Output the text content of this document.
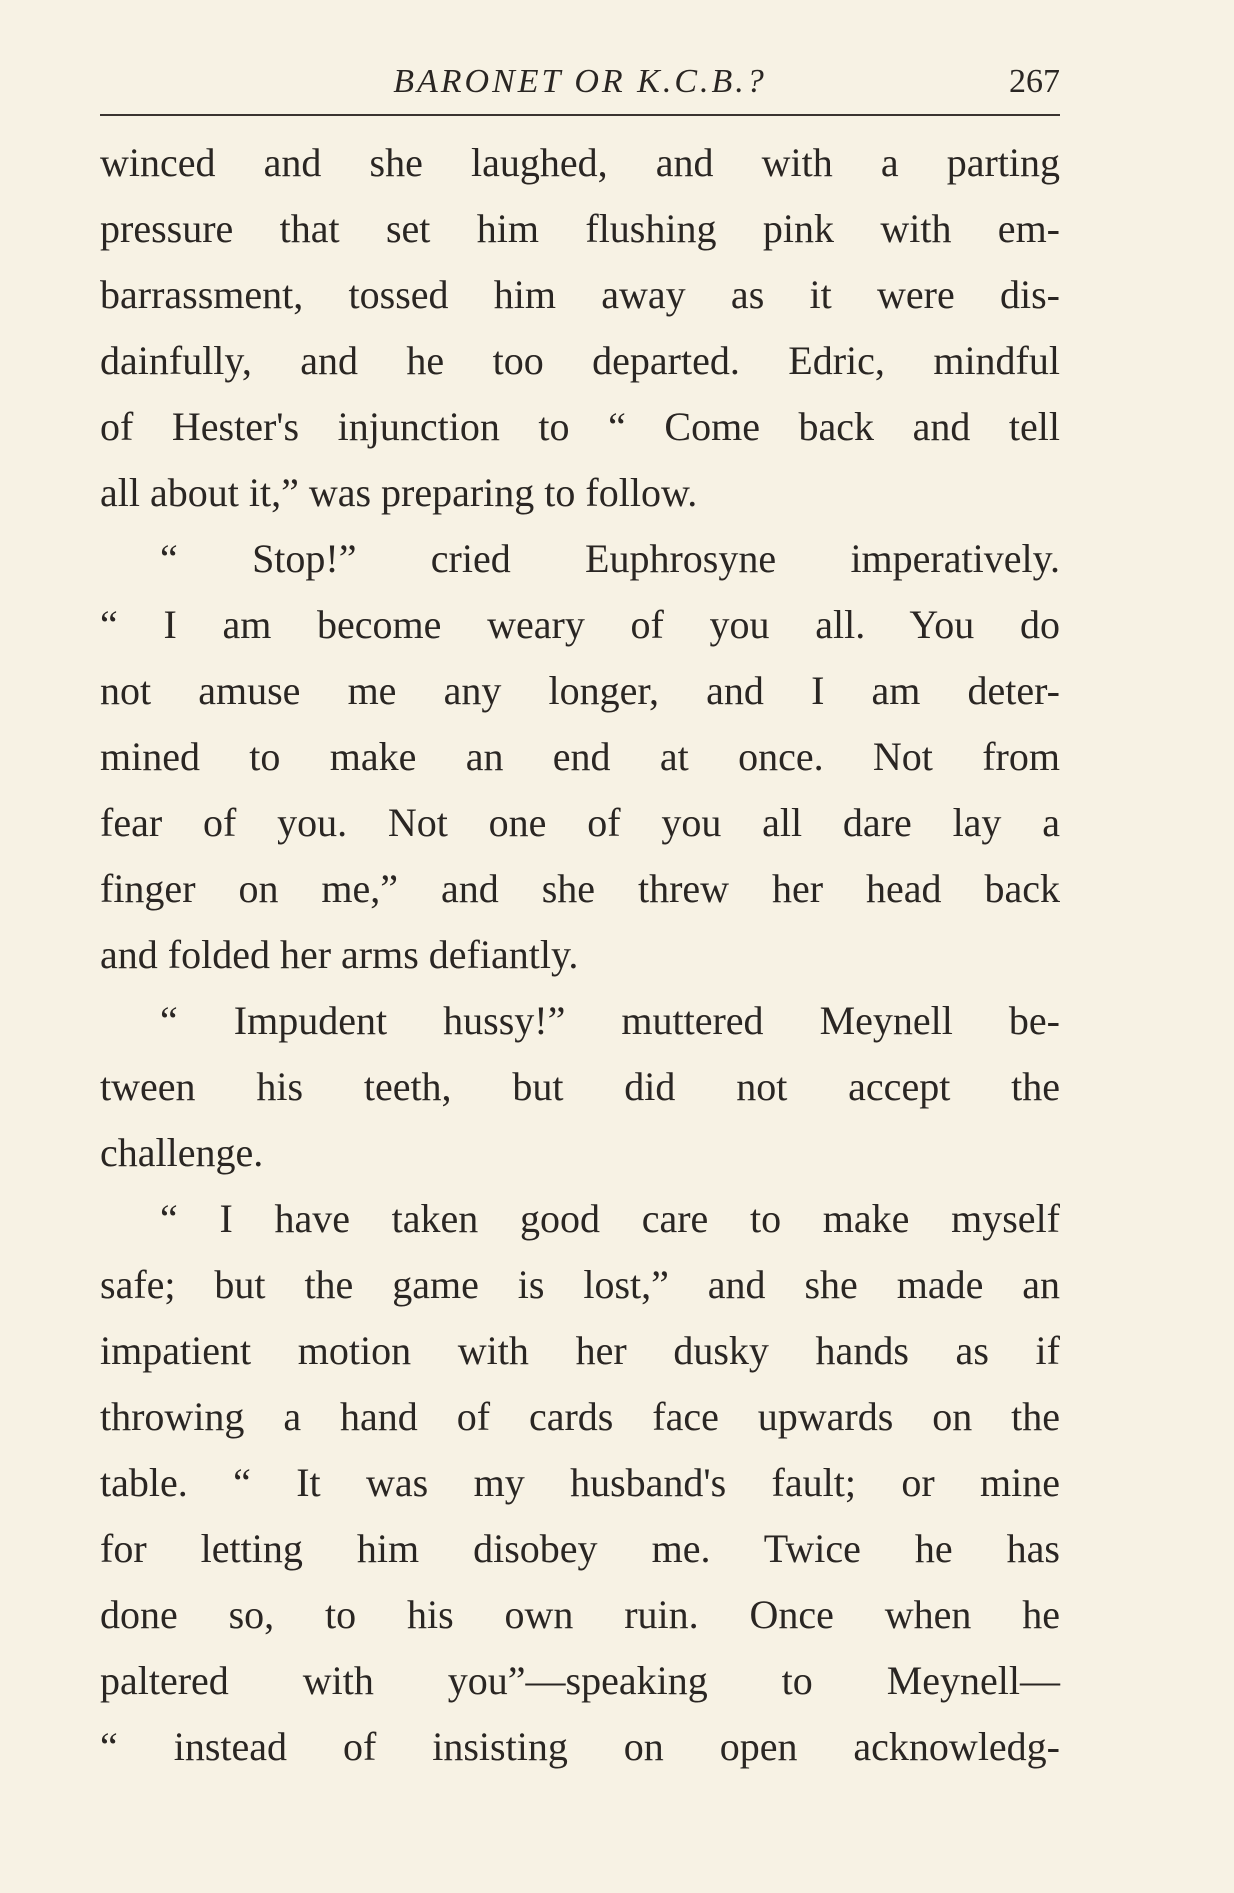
BARONET OR K.C.B.?	267
winced and she laughed, and with a parting
pressure that set him flushing pink with em-
barrassment, tossed him away as it were dis-
dainfully, and he too departed. Edric, mindful
of Hester's injunction to “ Come back and tell
all about it,” was preparing to follow.
“ Stop!” cried Euphrosyne imperatively.
“ I am become weary of you all. You do
not amuse me any longer, and I am deter-
mined to make an end at once. Not from
fear of you. Not one of you all dare lay a
finger on me,” and she threw her head back
and folded her arms defiantly.
“ Impudent hussy!” muttered Meynell be-
tween his teeth, but did not accept the
challenge.
“ I have taken good care to make myself
safe; but the game is lost,” and she made an
impatient motion with her dusky hands as if
throwing a hand of cards face upwards on the
table. “ It was my husband's fault; or mine
for letting him disobey me. Twice he has
done so, to his own ruin. Once when he
paltered with you”—speaking to Meynell—
“ instead of insisting on open acknowledg-
